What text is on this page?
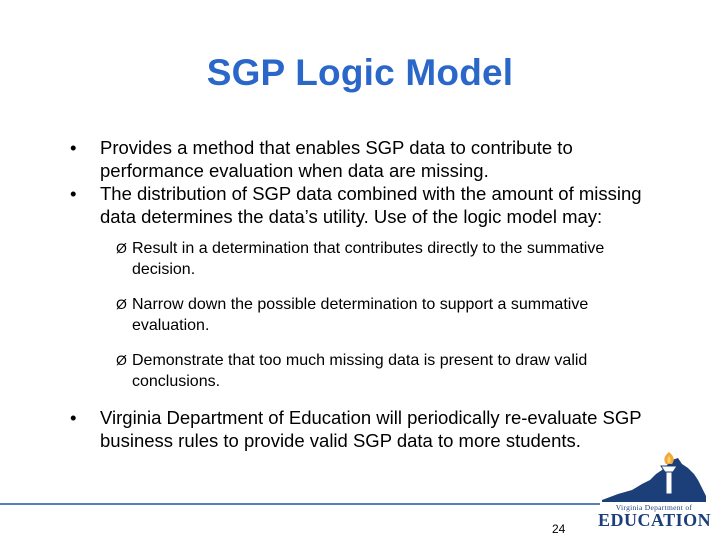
SGP Logic Model

• Provides a method that enables SGP data to contribute to performance evaluation when data are missing.

• The distribution of SGP data combined with the amount of missing data determines the data’s utility. Use of the logic model may:

Ø Result in a determination that contributes directly to the summative decision.
Ø Narrow down the possible determination to support a summative evaluation.
Ø Demonstrate that too much missing data is present to draw valid conclusions.

• Virginia Department of Education will periodically re-evaluate SGP business rules to provide valid SGP data to more students.

24
Virginia Department of
EDUCATION
